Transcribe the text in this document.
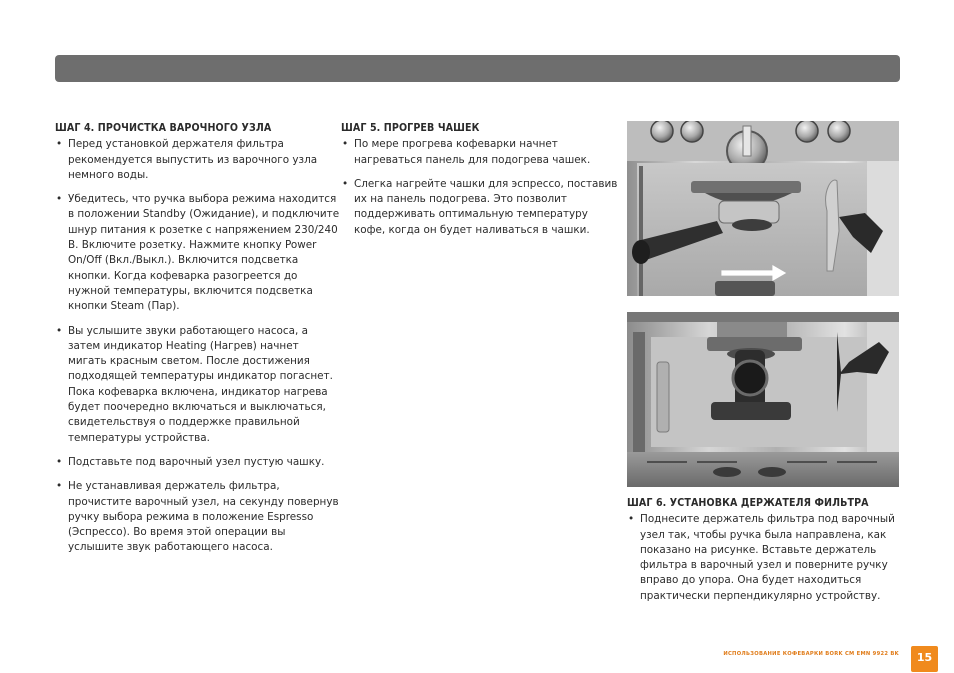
ШАГ 4. ПРОЧИСТКА ВАРОЧНОГО УЗЛА
• Перед установкой держателя фильтра рекомендуется выпустить из варочного узла немного воды.
• Убедитесь, что ручка выбора режима находится в положении Standby (Ожидание), и подключите шнур питания к розетке с напряжением 230/240 В. Включите розетку. Нажмите кнопку Power On/Off (Вкл./Выкл.). Включится подсветка кнопки. Когда кофеварка разогреется до нужной температуры, включится подсветка кнопки Steam (Пар).
• Вы услышите звуки работающего насоса, а затем индикатор Heating (Нагрев) начнет мигать красным светом. После достижения подходящей температуры индикатор погаснет. Пока кофеварка включена, индикатор нагрева будет поочередно включаться и выключаться, свидетельствуя о поддержке правильной температуры устройства.
• Подставьте под варочный узел пустую чашку.
• Не устанавливая держатель фильтра, прочистите варочный узел, на секунду повернув ручку выбора режима в положение Espresso (Эспрессо). Во время этой операции вы услышите звук работающего насоса.
ШАГ 5. ПРОГРЕВ ЧАШЕК
• По мере прогрева кофеварки начнет нагреваться панель для подогрева чашек.
• Слегка нагрейте чашки для эспрессо, поставив их на панель подогрева. Это позволит поддерживать оптимальную температуру кофе, когда он будет наливаться в чашки.
ШАГ 6. УСТАНОВКА ДЕРЖАТЕЛЯ ФИЛЬТРА
• Поднесите держатель фильтра под варочный узел так, чтобы ручка была направлена, как показано на рисунке. Вставьте держатель фильтра в варочный узел и поверните ручку вправо до упора. Она будет находиться практически перпендикулярно устройству.
ИСПОЛЬЗОВАНИЕ КОФЕВАРКИ BORK CM EMN 9922 BK	15
